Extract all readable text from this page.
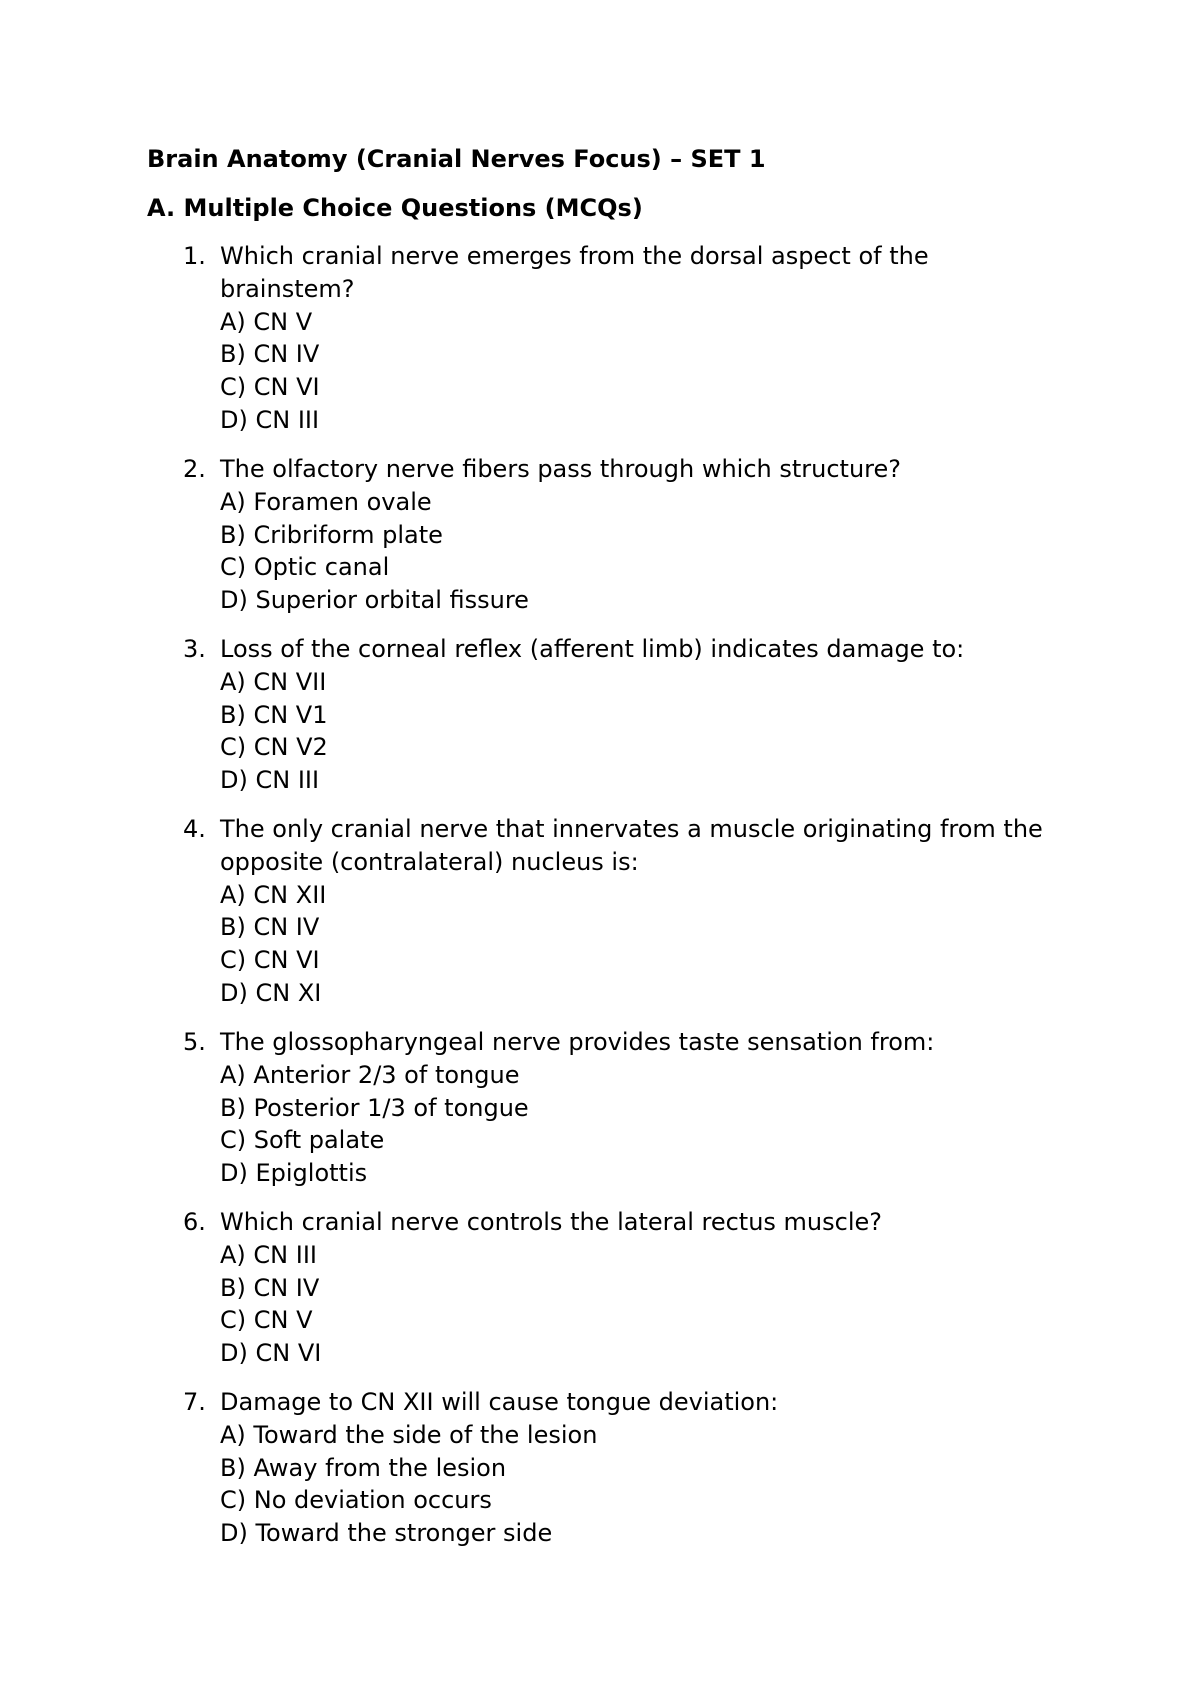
Brain Anatomy (Cranial Nerves Focus) – SET 1
A. Multiple Choice Questions (MCQs)
1. Which cranial nerve emerges from the dorsal aspect of the
brainstem?
A) CN V
B) CN IV
C) CN VI
D) CN III
2. The olfactory nerve fibers pass through which structure?
A) Foramen ovale
B) Cribriform plate
C) Optic canal
D) Superior orbital fissure
3. Loss of the corneal reflex (afferent limb) indicates damage to:
A) CN VII
B) CN V1
C) CN V2
D) CN III
4. The only cranial nerve that innervates a muscle originating from the
opposite (contralateral) nucleus is:
A) CN XII
B) CN IV
C) CN VI
D) CN XI
5. The glossopharyngeal nerve provides taste sensation from:
A) Anterior 2/3 of tongue
B) Posterior 1/3 of tongue
C) Soft palate
D) Epiglottis
6. Which cranial nerve controls the lateral rectus muscle?
A) CN III
B) CN IV
C) CN V
D) CN VI
7. Damage to CN XII will cause tongue deviation:
A) Toward the side of the lesion
B) Away from the lesion
C) No deviation occurs
D) Toward the stronger side
